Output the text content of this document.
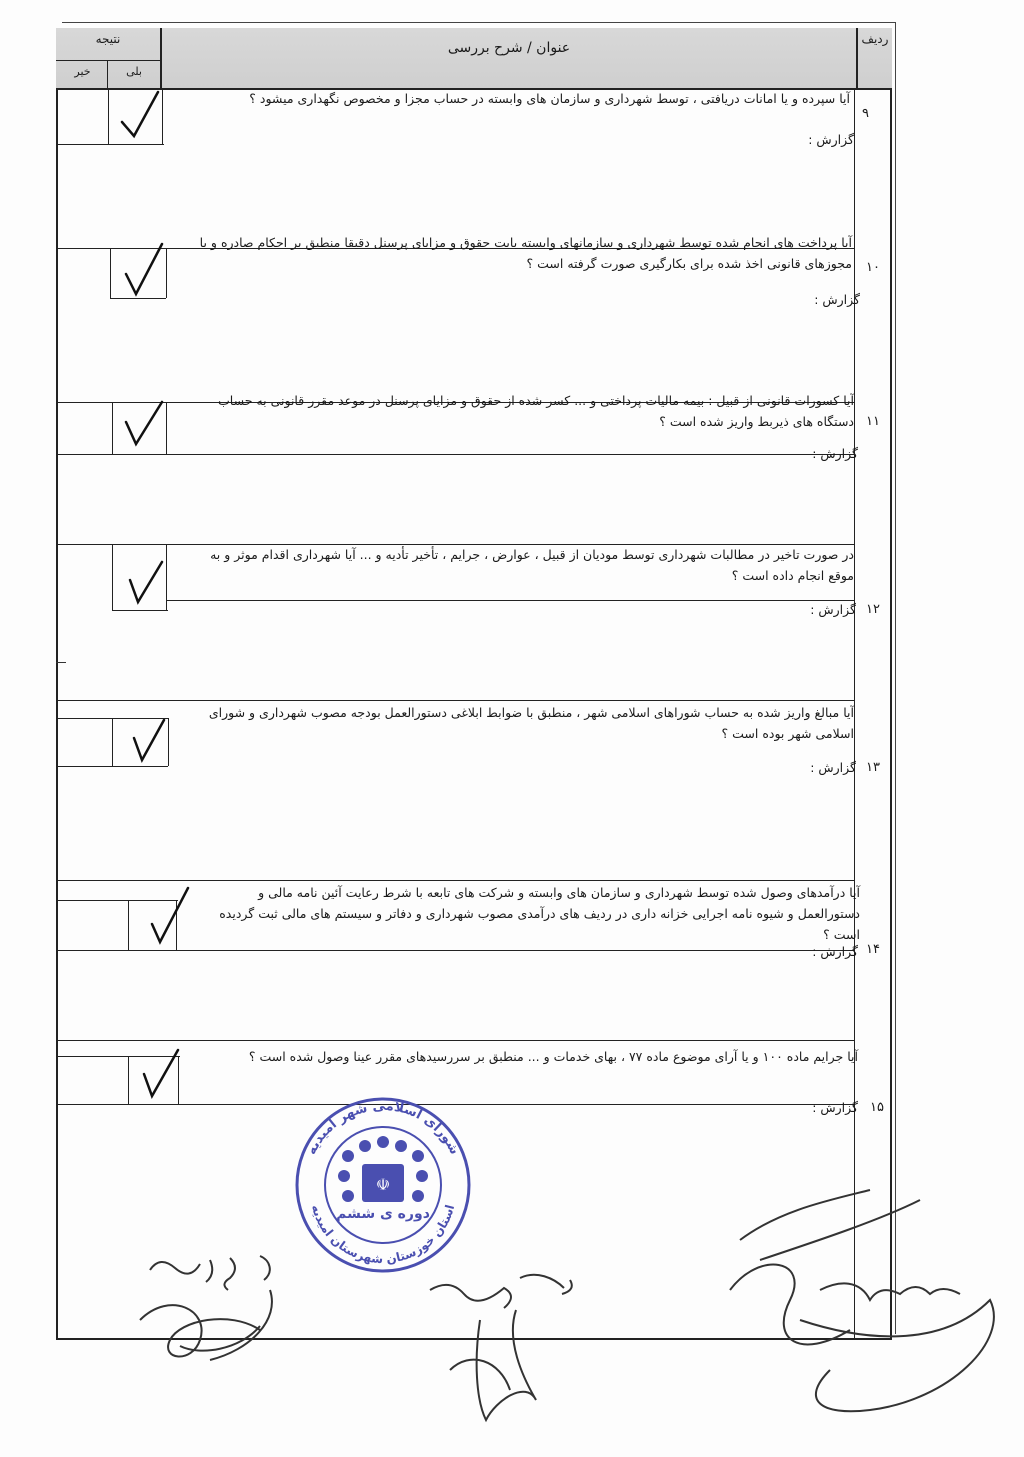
ردیف
عنوان / شرح بررسی
نتیجه
بلی
خیر
آیا سپرده و یا امانات دریافتی ، توسط شهرداری و سازمان های وابسته در حساب مجزا و مخصوص نگهداری میشود ؟
۹
گزارش :
آیا پرداخت های انجام شده توسط شهرداری و سازمانهای وابسته بابت حقوق و مزایای پرسنل دقیقا منطبق بر احکام صادره و یا مجوزهای قانونی اخذ شده برای بکارگیری صورت گرفته است ؟ ۱۰
گزارش :
آیا کسورات قانونی از قبیل : بیمه مالیات پرداختی و ... کسر شده از حقوق و مزایای پرسنل در موعد مقرر قانونی به حساب دستگاه های ذیربط واریز شده است ؟ ۱۱
گزارش :
در صورت تاخیر در مطالبات شهرداری توسط مودیان از قبیل ، عوارض ، جرایم ، تأخیر تأدیه و ... آیا شهرداری اقدام موثر و به موقع انجام داده است ؟
۱۲
گزارش :
آیا مبالغ واریز شده به حساب شوراهای اسلامی شهر ، منطبق با ضوابط ابلاغی دستورالعمل بودجه مصوب شهرداری و شورای اسلامی شهر بوده است ؟
۱۳
گزارش :
آیا درآمدهای وصول شده توسط شهرداری و سازمان های وابسته و شرکت های تابعه با شرط رعایت آئین نامه مالی و دستورالعمل و شیوه نامه اجرایی خزانه داری در ردیف های درآمدی مصوب شهرداری و دفاتر و سیستم های مالی ثبت گردیده است ؟
۱۴
گزارش :
آیا جرایم ماده ۱۰۰ و یا آرای موضوع ماده ۷۷ ، بهای خدمات و ... منطبق بر سررسیدهای مقرر عینا وصول شده است ؟
۱۵
گزارش :
شورای اسلامی شهر امیدیه
استان خوزستان شهرستان امیدیه
☫
دوره ی ششم
